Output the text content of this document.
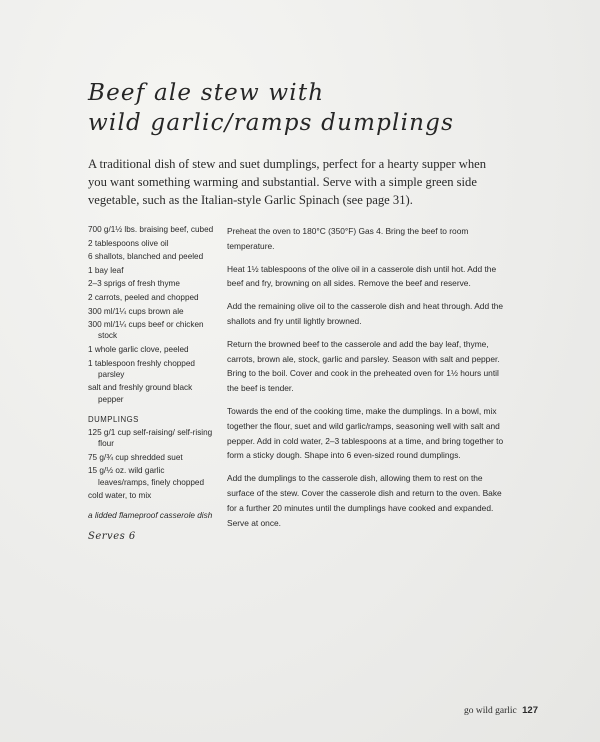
Beef ale stew with
wild garlic/ramps dumplings
A traditional dish of stew and suet dumplings, perfect for a hearty supper when you want something warming and substantial. Serve with a simple green side vegetable, such as the Italian-style Garlic Spinach (see page 31).
700 g/1½ lbs. braising beef, cubed
2 tablespoons olive oil
6 shallots, blanched and peeled
1 bay leaf
2–3 sprigs of fresh thyme
2 carrots, peeled and chopped
300 ml/1¼ cups brown ale
300 ml/1¼ cups beef or chicken stock
1 whole garlic clove, peeled
1 tablespoon freshly chopped parsley
salt and freshly ground black pepper
DUMPLINGS
125 g/1 cup self-raising/ self-rising flour
75 g/¾ cup shredded suet
15 g/½ oz. wild garlic leaves/ramps, finely chopped
cold water, to mix
a lidded flameproof casserole dish
Serves 6

Preheat the oven to 180°C (350°F) Gas 4. Bring the beef to room temperature.

Heat 1½ tablespoons of the olive oil in a casserole dish until hot. Add the beef and fry, browning on all sides. Remove the beef and reserve.

Add the remaining olive oil to the casserole dish and heat through. Add the shallots and fry until lightly browned.

Return the browned beef to the casserole and add the bay leaf, thyme, carrots, brown ale, stock, garlic and parsley. Season with salt and pepper. Bring to the boil. Cover and cook in the preheated oven for 1½ hours until the beef is tender.

Towards the end of the cooking time, make the dumplings. In a bowl, mix together the flour, suet and wild garlic/ramps, seasoning well with salt and pepper. Add in cold water, 2–3 tablespoons at a time, and bring together to form a sticky dough. Shape into 6 even-sized round dumplings.

Add the dumplings to the casserole dish, allowing them to rest on the surface of the stew. Cover the casserole dish and return to the oven. Bake for a further 20 minutes until the dumplings have cooked and expanded. Serve at once.

go wild garlic 127
